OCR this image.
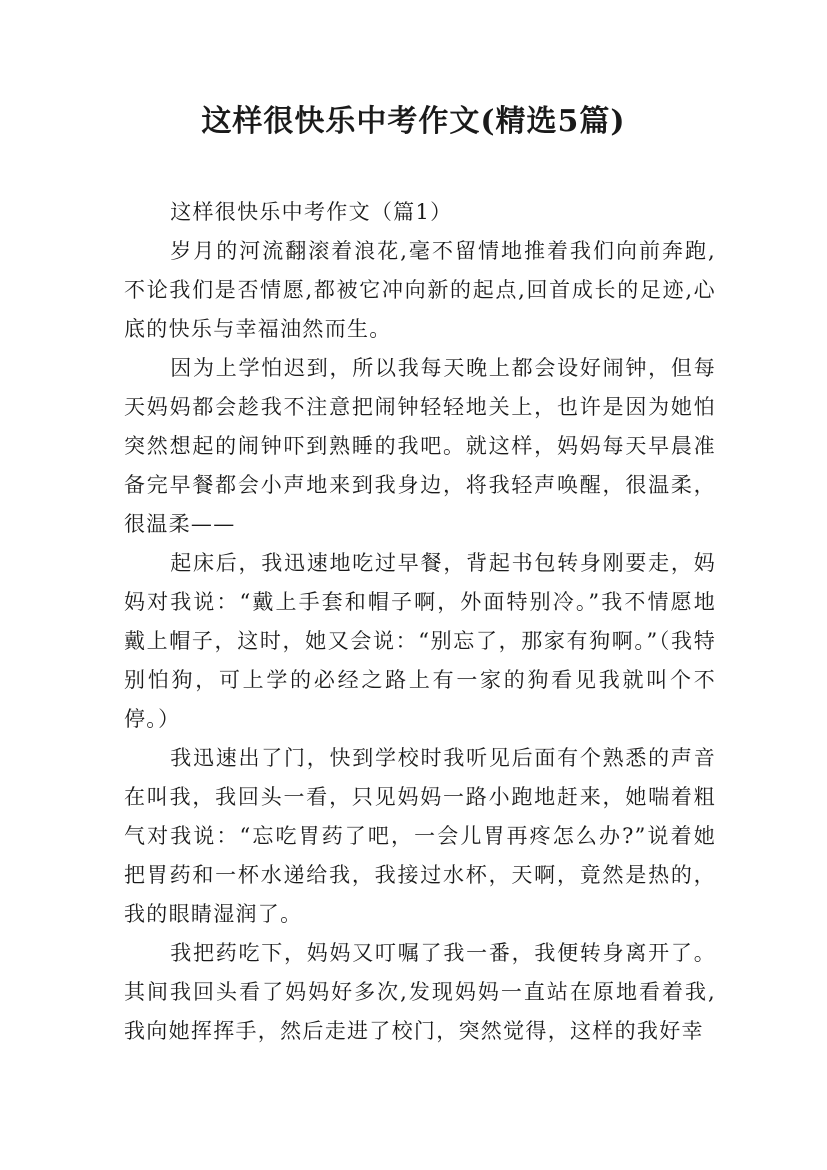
这样很快乐中考作文(精选5篇)

这样很快乐中考作文（篇1）

岁月的河流翻滚着浪花,毫不留情地推着我们向前奔跑,不论我们是否情愿,都被它冲向新的起点,回首成长的足迹,心底的快乐与幸福油然而生。

因为上学怕迟到，所以我每天晚上都会设好闹钟，但每天妈妈都会趁我不注意把闹钟轻轻地关上，也许是因为她怕突然想起的闹钟吓到熟睡的我吧。就这样，妈妈每天早晨准备完早餐都会小声地来到我身边，将我轻声唤醒，很温柔，很温柔——

起床后，我迅速地吃过早餐，背起书包转身刚要走，妈妈对我说：“戴上手套和帽子啊，外面特别冷。”我不情愿地戴上帽子，这时，她又会说：“别忘了，那家有狗啊。”（我特别怕狗，可上学的必经之路上有一家的狗看见我就叫个不停。）

我迅速出了门，快到学校时我听见后面有个熟悉的声音在叫我，我回头一看，只见妈妈一路小跑地赶来，她喘着粗气对我说：“忘吃胃药了吧，一会儿胃再疼怎么办?”说着她把胃药和一杯水递给我，我接过水杯，天啊，竟然是热的，我的眼睛湿润了。

我把药吃下，妈妈又叮嘱了我一番，我便转身离开了。其间我回头看了妈妈好多次,发现妈妈一直站在原地看着我,我向她挥挥手，然后走进了校门，突然觉得，这样的我好幸
